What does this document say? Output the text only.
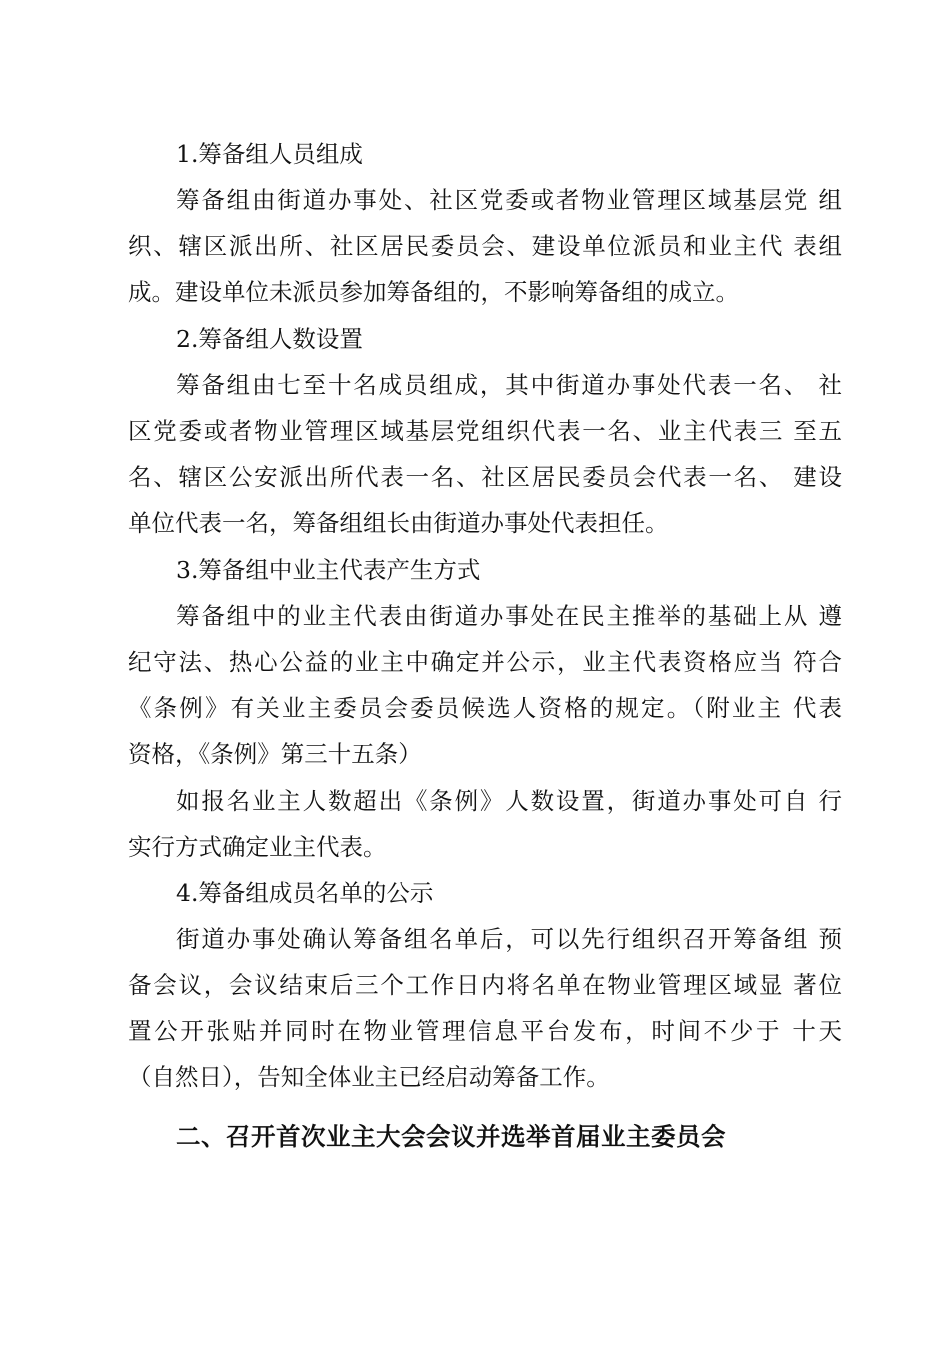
1.筹备组人员组成
筹备组由街道办事处、社区党委或者物业管理区域基层党 组
织、辖区派出所、社区居民委员会、建设单位派员和业主代 表组
成。建设单位未派员参加筹备组的，不影响筹备组的成立。
2.筹备组人数设置
筹备组由七至十名成员组成，其中街道办事处代表一名、 社
区党委或者物业管理区域基层党组织代表一名、业主代表三 至五
名、辖区公安派出所代表一名、社区居民委员会代表一名、 建设
单位代表一名，筹备组组长由街道办事处代表担任。
3.筹备组中业主代表产生方式
筹备组中的业主代表由街道办事处在民主推举的基础上从 遵
纪守法、热心公益的业主中确定并公示，业主代表资格应当 符合
《条例》有关业主委员会委员候选人资格的规定。（附业主 代表
资格，《条例》第三十五条）
如报名业主人数超出《条例》人数设置，街道办事处可自 行
实行方式确定业主代表。
4.筹备组成员名单的公示
街道办事处确认筹备组名单后，可以先行组织召开筹备组 预
备会议，会议结束后三个工作日内将名单在物业管理区域显 著位
置公开张贴并同时在物业管理信息平台发布，时间不少于 十天
（自然日），告知全体业主已经启动筹备工作。
二、召开首次业主大会会议并选举首届业主委员会
